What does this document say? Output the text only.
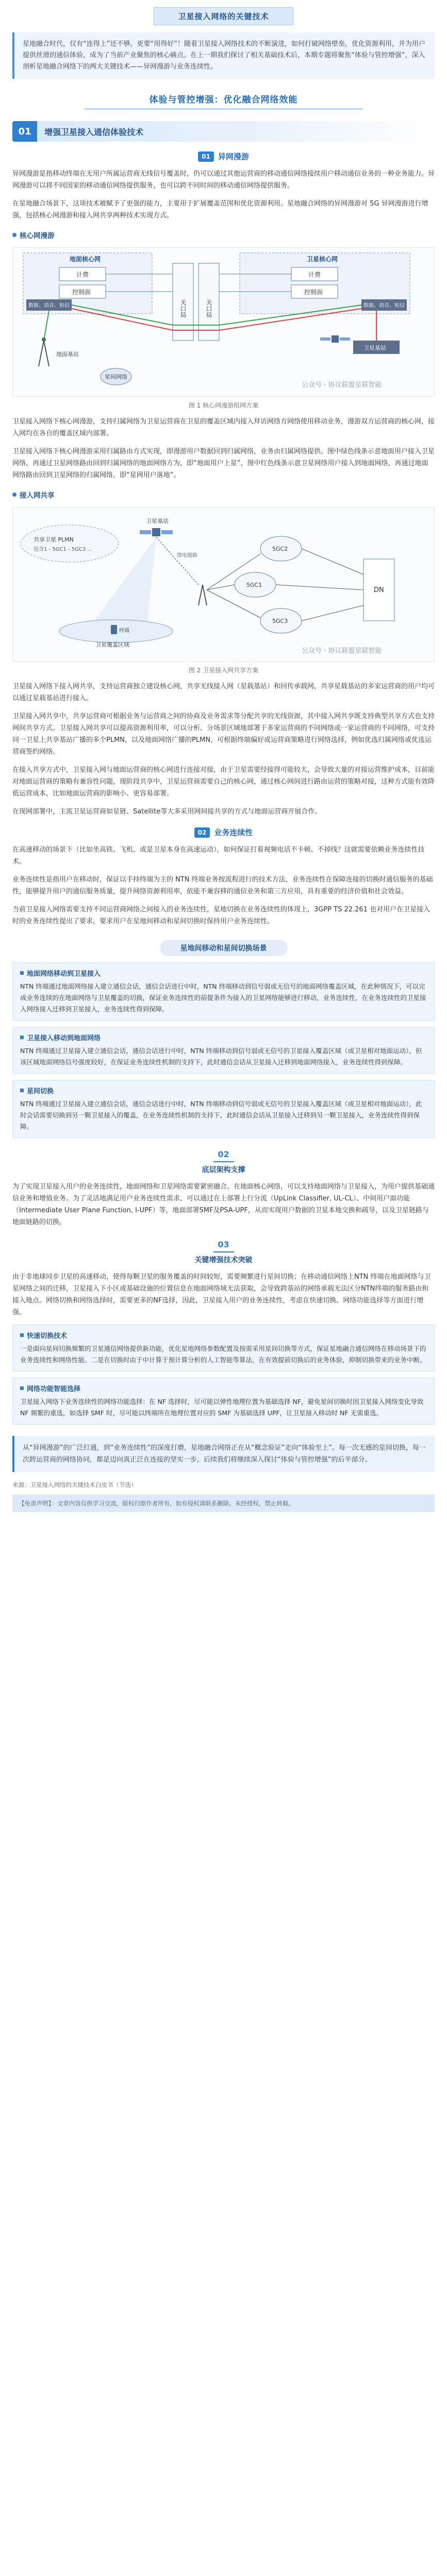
卫星接入网络的关键技术
星地融合时代，仅有“连得上”还不够，更要“用得好”！随着卫星接入网络技术的不断演进，如何打破网络壁垒，优化资源利用，并为用户提供丝滑的通信体验，成为了当前产业聚焦的核心痛点。在上一期我们探讨了相关基础技术后，本期专题将聚焦“体验与管控增强”，深入剖析星地融合网络下的两大关键技术——异网漫游与业务连续性。
体验与管控增强：优化融合网络效能
01	增强卫星接入通信体验技术
01	异网漫游

异网漫游是指移动终端在无用户所属运营商无线信号覆盖时，仍可以通过其他运营商的移动通信网络接续用户移动通信业务的一种业务能力。异网漫游可以将不同国家的移动通信网络提供服务，也可以跨不同时间的移动通信网络提供服务。

在星地融合场景下，这项技术被赋予了更强的能力，主要用于扩展覆盖范围和优化资源利用。星地融合网络的异网漫游对 5G 异网漫游进行增强，包括核心网漫游和接入网共享两种技术实现方式。

核心网漫游
地面核心网
计费
控制面
数据、语音、短信	关口局	关口局
卫星核心网
计费
控制面
数据、语音、短信
地面基站
卫星基站
星间网络
公众号 · 协议联盟星联智能
图 1 核心网漫游组网方案

卫星接入网络下核心网漫游，支持归属网络为卫星运营商在卫星的覆盖区域内接入拜访网络方网络使用移动业务，漫游双方运营商的核心网，接入网均在各自的覆盖区域内部署。

卫星接入网络下核心网漫游采用归属路由方式实现，即漫游用户数据回到归属网络，业务由归属网络提供。图中绿色线条示意地面用户接入卫星网络，再通过卫星网络路由回到归属网络的地面网络方为，即“地面用户上星”，图中红色线条示意卫星网络用户接入到地面网络，再通过地面网络路由回到卫星网络的归属网络，即“星网用户落地”。

接入网共享
共享卫星 PLMN
包含1 - 5GC1 - 5GC3 ...
卫星基站
馈电链路
卫星覆盖区域
终端
5GC2
5GC1
5GC3
DN
公众号 · 协议联盟星联智能
图 2 卫星接入网共享方案

卫星接入网络下接入网共享，支持运营商独立建设核心网，共享无线接入网（星载基站）和回传承载网，共享星载基站的多家运营商的用户均可以通过星载基站进行接入。

卫星接入网共享中，共享运营商可根据业务与运营商之间的协商及业务需求等分配共享的无线资源，其中接入网共享既支持典型共享方式也支持网间共享方式。卫星接入网共享可以提高资源利用率，可以分析、分场景区域地部署于多家运营商的不同网络或一家运营商的不同网络，可支持同一卫星上共享基站广播的多个PLMN，以及地面网络广播的PLMN，可根据终端偏好或运营商策略进行网络选择，例如优选归属网络或优选运营商签约网络。

在接入共享方式中，卫星接入网与地面运营商的核心网进行连接对接，由于卫星需要经接得可能较大，会导致大量的对接运营维护成本，目前能对地面运营商的策略有兼容性问题，现阶段共享中，卫星运营商需要自己的核心网，通过核心网间进行路由运营的策略对接，这种方式能有效降低运营成本，比如地面运营商的影响小、更容易部署。

在现网部署中，主流卫星运营商如星链、Satellite等大多采用网间接共享的方式与地面运营商开展合作。

02	业务连续性

在高速移动的场景下（比如坐高铁、飞机、或是卫星本身在高速运动），如何保证打着视频电话不卡顿、不掉线？这就需要依赖业务连续性技术。

业务连续性是指用户在移动时，保证以手持终端为主的 NTN 终端业务按流程进行的技术方法，业务连续性在保障连接的切换时通信服务的基础性，能够提升用户的通信服务质量，提升网络资源利用率，依能不兼容移的通信业务和第三方应用，具有重要的经济价值和社会效益。

当前卫星接入网络需要支持不同运营商网络之间接入的业务连续性，星地切换在业务连续性的体现上，3GPP TS 22.261 也对用户在卫星接入时的业务连续性提出了要求，要求用户在星地间移动和星间切换时保持用户业务连续性。

星地间移动和星间切换场景
地面网络移动到卫星接入
NTN 终端通过地面网络接入建立通信会话，通信会话进行中时，NTN 终端移动到信号弱或无信号的地面网络覆盖区域，在此种情况下，可以完成业务连续的在地面网络与卫星覆盖的切换，保证业务连续性的前提条件为接入的卫星网络能够进行移动，业务连续性，在业务连续性的卫星接入网络接入迁移到卫星接入，业务连续性得到保障。
卫星接入移动到地面网络
NTN 终端通过卫星接入建立通信会话，通信会话进行中时，NTN 终端移动到信号弱或无信号的卫星接入覆盖区域（或卫星相对地面运动），但该区域地面网络信号强度较好，在保证业务连续性机制的支持下，此时通信会话从卫星接入迁移到地面网络接入，业务连续性得到保障。
星间切换
NTN 终端通过卫星接入建立通信会话，通信会话进行中时，NTN 终端移动到信号弱或无信号的卫星接入覆盖区域（或卫星相对地面运动），此时会话需要切换到另一颗卫星接入的覆盖，在业务连续性机制的支持下，此时通信会话从卫星接入迁移到另一颗卫星接入，业务连续性得到保障。
02
底层架构支撑

为了实现卫星接入用户的业务连续性，地面网络和卫星网络需要紧密融合。在地面核心网络，可以支持地面网络与卫星接入，为用户提供基础通信业务和增值业务。为了灵活地满足用户业务连续性需求，可以通过在上部署上行分流（UpLink Classifier, UL-CL）、中间用户面功能（Intermediate User Plane Function, I-UPF）等，地面部署SMF及PSA-UPF，从而实现用户数据的卫星本地交换和疏导，以及卫星链路与地面链路的切换。

03
关键增强技术突破

由于非地球同步卫星的高速移动，使得每颗卫星的服务覆盖的时间较短，需要频繁进行星间切换；在移动通信网络上NTN 终端在地面网络与卫星网络之间的迁移，卫星接入下小区或基础设施的位置信息在地面网络域无法获取，会导致跨基站的网络承载无法区分NTN终端的服务路由和接入地点。网络切换和网络选择时，需要更多的NF选择，因此，卫星接入用户的业务连续性，考虑在快速切换、网络功能选择等方面进行增强。

快速切换技术
一是面向星间切换频繁的卫星通信网络提供新功能，优化星地网络参数配置及按需采用星间切换等方式，保证星地融合通信网络在移动场景下的业务连续性和网络性能。二是在切换时由于中计算于预计算分析的人工智能等算法，在有效提前切换后的业务体验，抑制切换带来的业务中断。
网络功能智能选择
卫星接入网络下业务连续性的网络功能选择：在 NF 选择时，尽可能以弹性地理位置为基础选择 NF，避免星间切换时因卫星接入网络变化导致 NF 频繁的重选，如选择 SMF 时，尽可能以终端所在地理位置对应的 SMF 为基础选择 UPF，让卫星接入移动时 NF 无需重选。
从“异网漫游”的广泛打通，到“业务连续性”的深度打磨，星地融合网络正在从“概念验证”走向“体验至上”。每一次无感的星间切换，每一次跨运营商的网络协同，都是迈向真正泛在连接的坚实一步。后续我们将继续深入探讨“体验与管控增强”的后半部分。
来源：卫星接入网络的关键技术白皮书（节选）
【免责声明】：文章内容仅供学习交流，版权归原作者所有，如有侵权请联系删除。未经授权，禁止转载。
